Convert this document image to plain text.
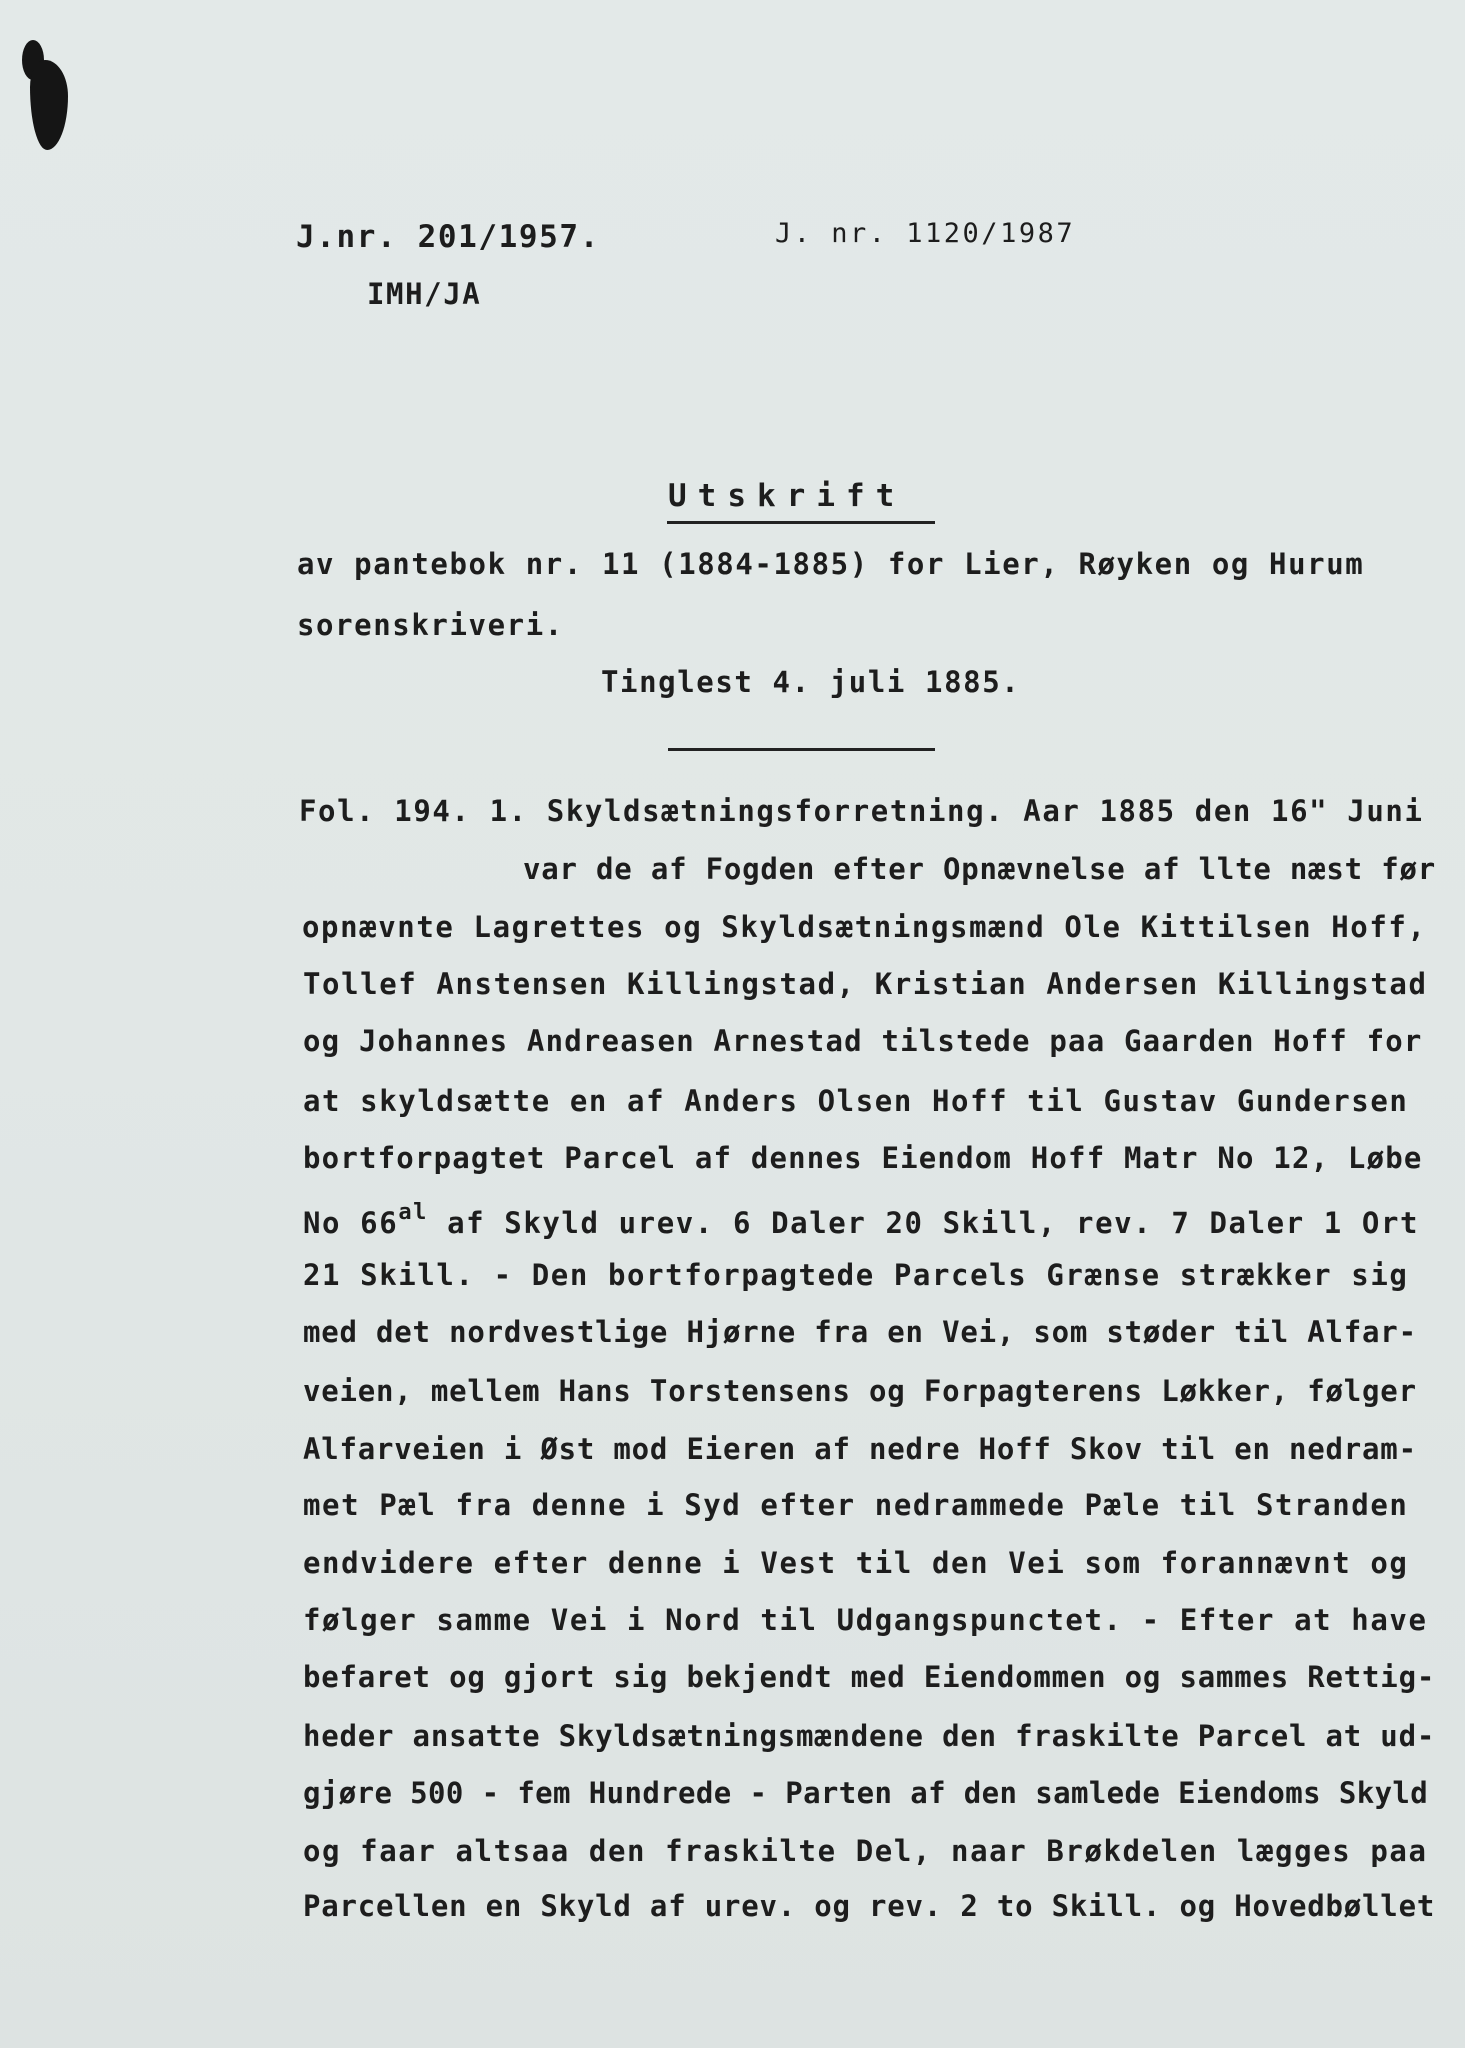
J.nr. 201/1957.	J. nr. 1120/1987
IMH/JA
Utskrift
av pantebok nr. 11 (1884-1885) for Lier, Røyken og Hurum
sorenskriveri.
Tinglest 4. juli 1885.
Fol. 194. 1. Skyldsætningsforretning. Aar 1885 den 16" Juni
var de af Fogden efter Opnævnelse af llte næst før
opnævnte Lagrettes og Skyldsætningsmænd Ole Kittilsen Hoff,
Tollef Anstensen Killingstad, Kristian Andersen Killingstad
og Johannes Andreasen Arnestad tilstede paa Gaarden Hoff for
at skyldsætte en af Anders Olsen Hoff til Gustav Gundersen
bortforpagtet Parcel af dennes Eiendom Hoff Matr No 12, Løbe
No $66^{al}$ af Skyld urev. 6 Daler 20 Skill, rev. 7 Daler 1 Ort
21 Skill. - Den bortforpagtede Parcels Grænse strækker sig
med det nordvestlige Hjørne fra en Vei, som støder til Alfar-
veien, mellem Hans Torstensens og Forpagterens Løkker, følger
Alfarveien i Øst mod Eieren af nedre Hoff Skov til en nedram-
met Pæl fra denne i Syd efter nedrammede Pæle til Stranden
endvidere efter denne i Vest til den Vei som forannævnt og
følger samme Vei i Nord til Udgangspunctet. - Efter at have
befaret og gjort sig bekjendt med Eiendommen og sammes Rettig-
heder ansatte Skyldsætningsmændene den fraskilte Parcel at ud-
gjøre 500 - fem Hundrede - Parten af den samlede Eiendoms Skyld
og faar altsaa den fraskilte Del, naar Brøkdelen lægges paa
Parcellen en Skyld af urev. og rev. 2 to Skill. og Hovedbøllet
